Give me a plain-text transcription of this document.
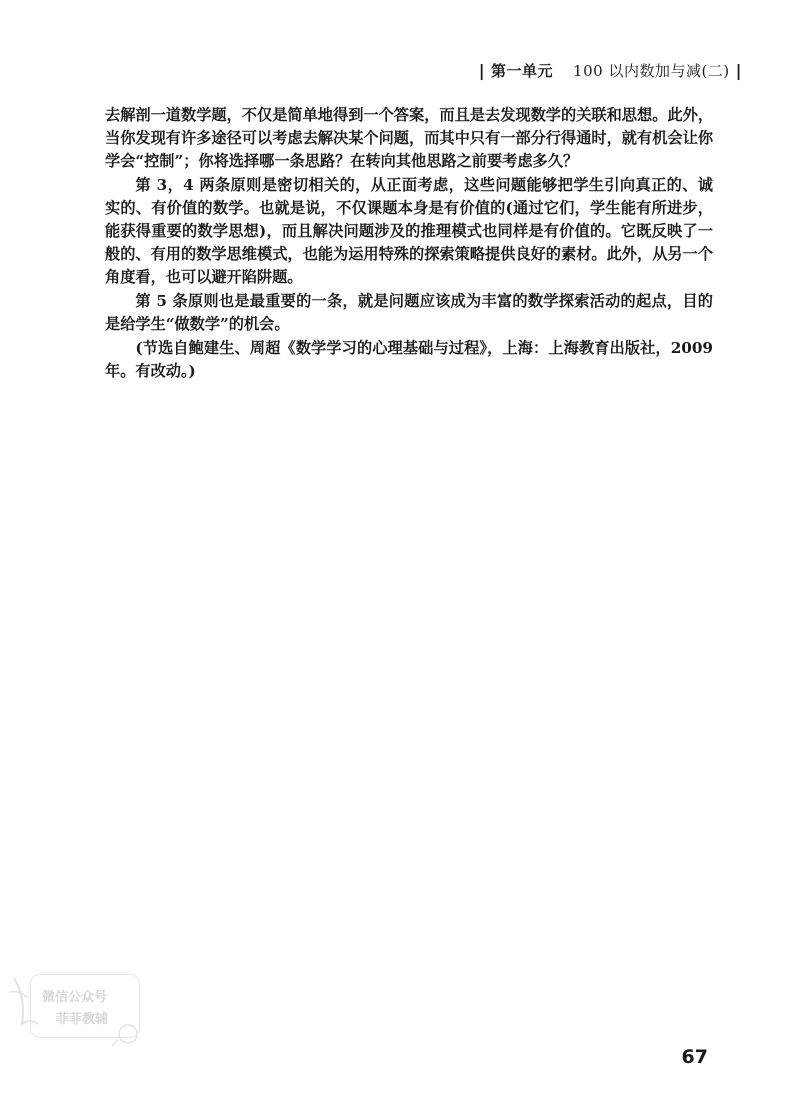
| 第一单元 100 以内数加与减(二) |

去解剖一道数学题，不仅是简单地得到一个答案，而且是去发现数学的关联和思想。此外，当你发现有许多途径可以考虑去解决某个问题，而其中只有一部分行得通时，就有机会让你学会“控制”；你将选择哪一条思路？在转向其他思路之前要考虑多久？

第 3，4 两条原则是密切相关的，从正面考虑，这些问题能够把学生引向真正的、诚实的、有价值的数学。也就是说，不仅课题本身是有价值的(通过它们，学生能有所进步，能获得重要的数学思想)，而且解决问题涉及的推理模式也同样是有价值的。它既反映了一般的、有用的数学思维模式，也能为运用特殊的探索策略提供良好的素材。此外，从另一个角度看，也可以避开陷阱题。

第 5 条原则也是最重要的一条，就是问题应该成为丰富的数学探索活动的起点，目的是给学生“做数学”的机会。

(节选自鲍建生、周超《数学学习的心理基础与过程》，上海：上海教育出版社，2009 年。有改动。)

微信公众号
菲菲教辅
67
